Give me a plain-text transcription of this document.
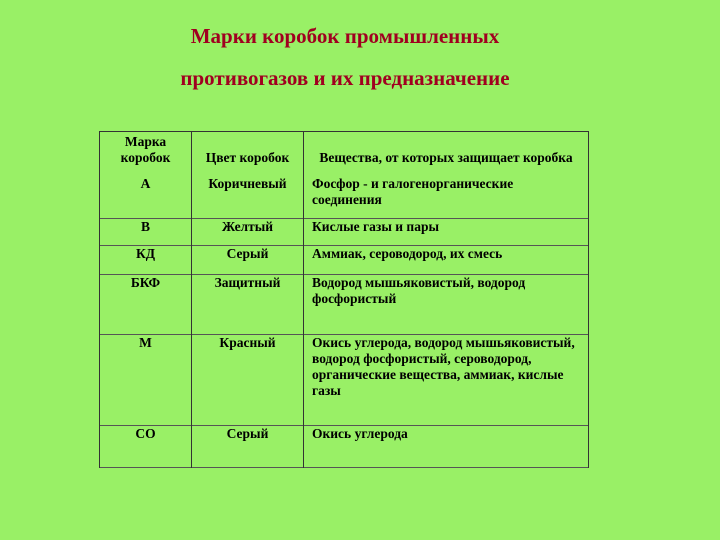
Марки коробок промышленных
противогазов и их предназначение
Марка коробок	Цвет коробок	Вещества, от которых защищает коробка
А	Коричневый	Фосфор - и галогенорганические соединения
В	Желтый	Кислые газы и пары
КД	Серый	Аммиак, сероводород, их смесь
БКФ	Защитный	Водород мышьяковистый, водород фосфористый
М	Красный	Окись углерода, водород мышьяковистый, водород фосфористый, сероводород, органические вещества, аммиак, кислые газы
СО	Серый	Окись углерода
